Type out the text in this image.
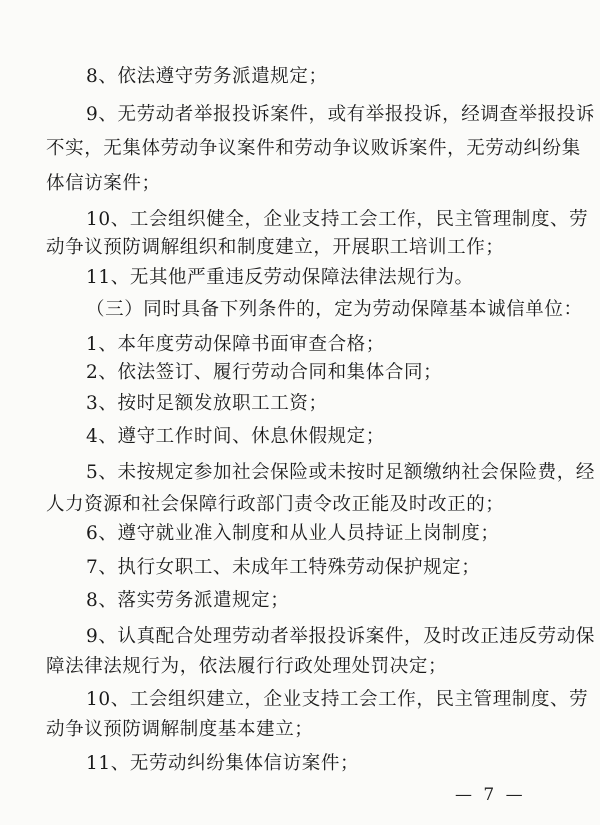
8、依法遵守劳务派遣规定；
9、无劳动者举报投诉案件，或有举报投诉，经调查举报投诉
不实，无集体劳动争议案件和劳动争议败诉案件，无劳动纠纷集
体信访案件；
10、工会组织健全，企业支持工会工作，民主管理制度、劳
动争议预防调解组织和制度建立，开展职工培训工作；
11、无其他严重违反劳动保障法律法规行为。
（三）同时具备下列条件的，定为劳动保障基本诚信单位：
1、本年度劳动保障书面审查合格；
2、依法签订、履行劳动合同和集体合同；
3、按时足额发放职工工资；
4、遵守工作时间、休息休假规定；
5、未按规定参加社会保险或未按时足额缴纳社会保险费，经
人力资源和社会保障行政部门责令改正能及时改正的；
6、遵守就业准入制度和从业人员持证上岗制度；
7、执行女职工、未成年工特殊劳动保护规定；
8、落实劳务派遣规定；
9、认真配合处理劳动者举报投诉案件，及时改正违反劳动保
障法律法规行为，依法履行行政处理处罚决定；
10、工会组织建立，企业支持工会工作，民主管理制度、劳
动争议预防调解制度基本建立；
11、无劳动纠纷集体信访案件；
— 7 —
